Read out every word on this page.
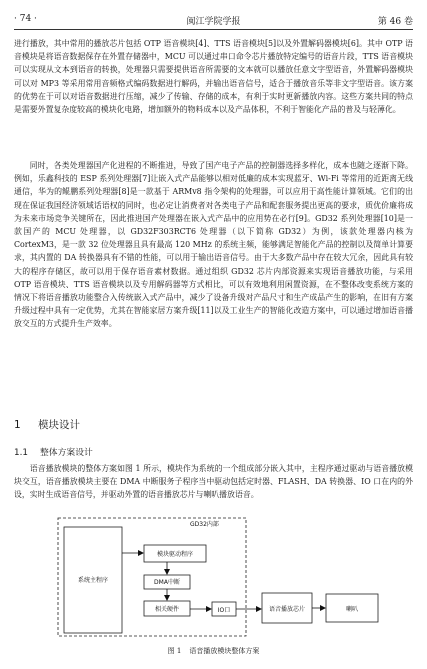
· 74 ·	闽江学院学报	第 46 卷

进行播放，其中常用的播放芯片包括 OTP 语音模块[4]、TTS 语音模块[5]以及外置解码器模块[6]。其中 OTP 语音模块是将语音数据保存在外置存储器中，MCU 可以通过串口命令芯片播放特定编号的语音片段，TTS 语音模块可以实现从文本到语音的转换，处理器只需要提供语音所需要的文本就可以播放任意文字型语音，外置解码器模块可以对 MP3 等采用常用音频格式编码数据进行解码，并输出语音信号，适合于播放音乐等非文字型语音。该方案的优势在于可以对语音数据进行压缩，减少了传输、存储的成本，有利于实时更新播放内容。这些方案共同的特点是需要外置复杂度较高的模块化电路，增加额外的物料成本以及产品体积，不利于智能化产品的普及与轻薄化。

同时，各类处理器国产化进程的不断推进，导致了国产电子产品的控制器选择多样化，成本也随之逐渐下降。例如，乐鑫科技的 ESP 系列处理器[7]让嵌入式产品能够以相对低廉的成本实现蓝牙、Wi-Fi 等常用的近距离无线通信，华为的鲲鹏系列处理器[8]是一款基于 ARMv8 指令架构的处理器，可以应用于高性能计算领域。它们的出现在保证我国经济领域话语权的同时，也必定让消费者对各类电子产品和配套服务提出更高的要求，质优价廉将成为未来市场竞争关键所在，因此推进国产处理器在嵌入式产品中的应用势在必行[9]。GD32 系列处理器[10]是一款国产的 MCU 处理器，以 GD32F303RCT6 处理器（以下简称 GD32）为例，该款处理器内核为 CortexM3，是一款 32 位处理器且具有最高 120 MHz 的系统主频，能够满足智能化产品的控制以及简单计算要求，其内置的 DA 转换器具有不错的性能，可以用于输出语音信号。由于大多数产品中存在较大冗余，因此具有较大的程序存储区，故可以用于保存语音素材数据。通过组织 GD32 芯片内部资源来实现语音播放功能，与采用 OTP 语音模块、TTS 语音模块以及专用解码器等方式相比，可以有效地利用闲置资源，在不整体改变系统方案的情况下将语音播放功能整合入传统嵌入式产品中，减少了设备升级对产品尺寸和生产成品产生的影响，在旧有方案升级过程中具有一定优势，尤其在智能家居方案升级[11]以及工业生产的智能化改造方案中，可以通过增加语音播放交互的方式提升生产效率。

1 模块设计
1.1 整体方案设计

语音播放模块的整体方案如图 1 所示，模块作为系统的一个组成部分嵌入其中，主程序通过驱动与语音播放模块交互，语音播放模块主要在 DMA 中断服务子程序当中驱动包括定时器、FLASH、DA 转换器、IO 口在内的外设，实时生成语音信号，并驱动外置的语音播放芯片与喇叭播放语音。

GD32内部
系统主程序
模块驱动程序
DMA中断
相关硬件	IO口	语音播放芯片	喇叭
图 1 语音播放模块整体方案
